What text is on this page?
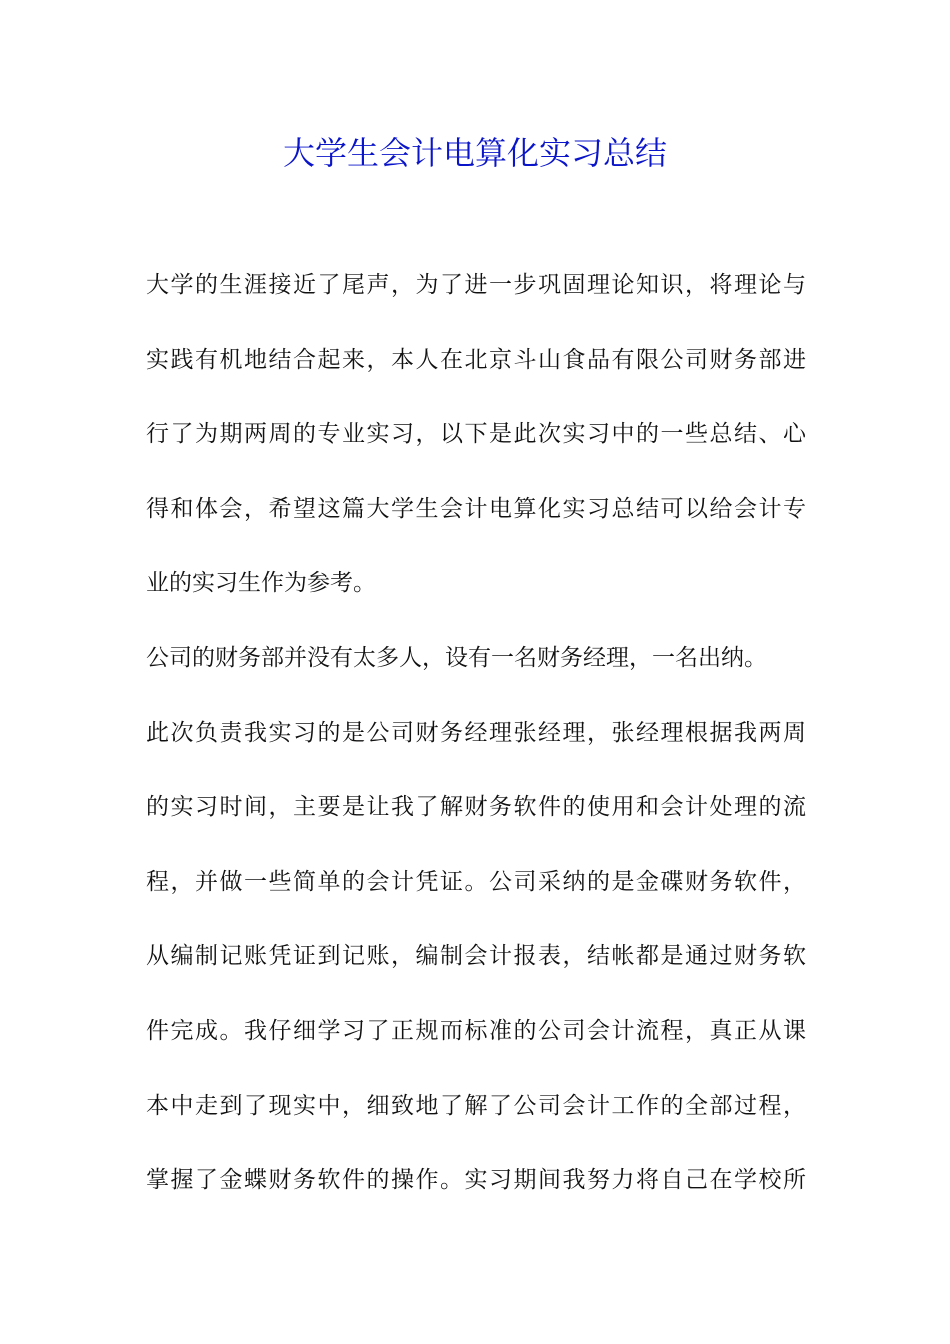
大学生会计电算化实习总结
大学的生涯接近了尾声，为了进一步巩固理论知识，将理论与
实践有机地结合起来，本人在北京斗山食品有限公司财务部进
行了为期两周的专业实习，以下是此次实习中的一些总结、心
得和体会，希望这篇大学生会计电算化实习总结可以给会计专
业的实习生作为参考。
公司的财务部并没有太多人，设有一名财务经理，一名出纳。
此次负责我实习的是公司财务经理张经理，张经理根据我两周
的实习时间，主要是让我了解财务软件的使用和会计处理的流
程，并做一些简单的会计凭证。公司采纳的是金碟财务软件，
从编制记账凭证到记账，编制会计报表，结帐都是通过财务软
件完成。我仔细学习了正规而标准的公司会计流程，真正从课
本中走到了现实中，细致地了解了公司会计工作的全部过程，
掌握了金蝶财务软件的操作。实习期间我努力将自己在学校所
